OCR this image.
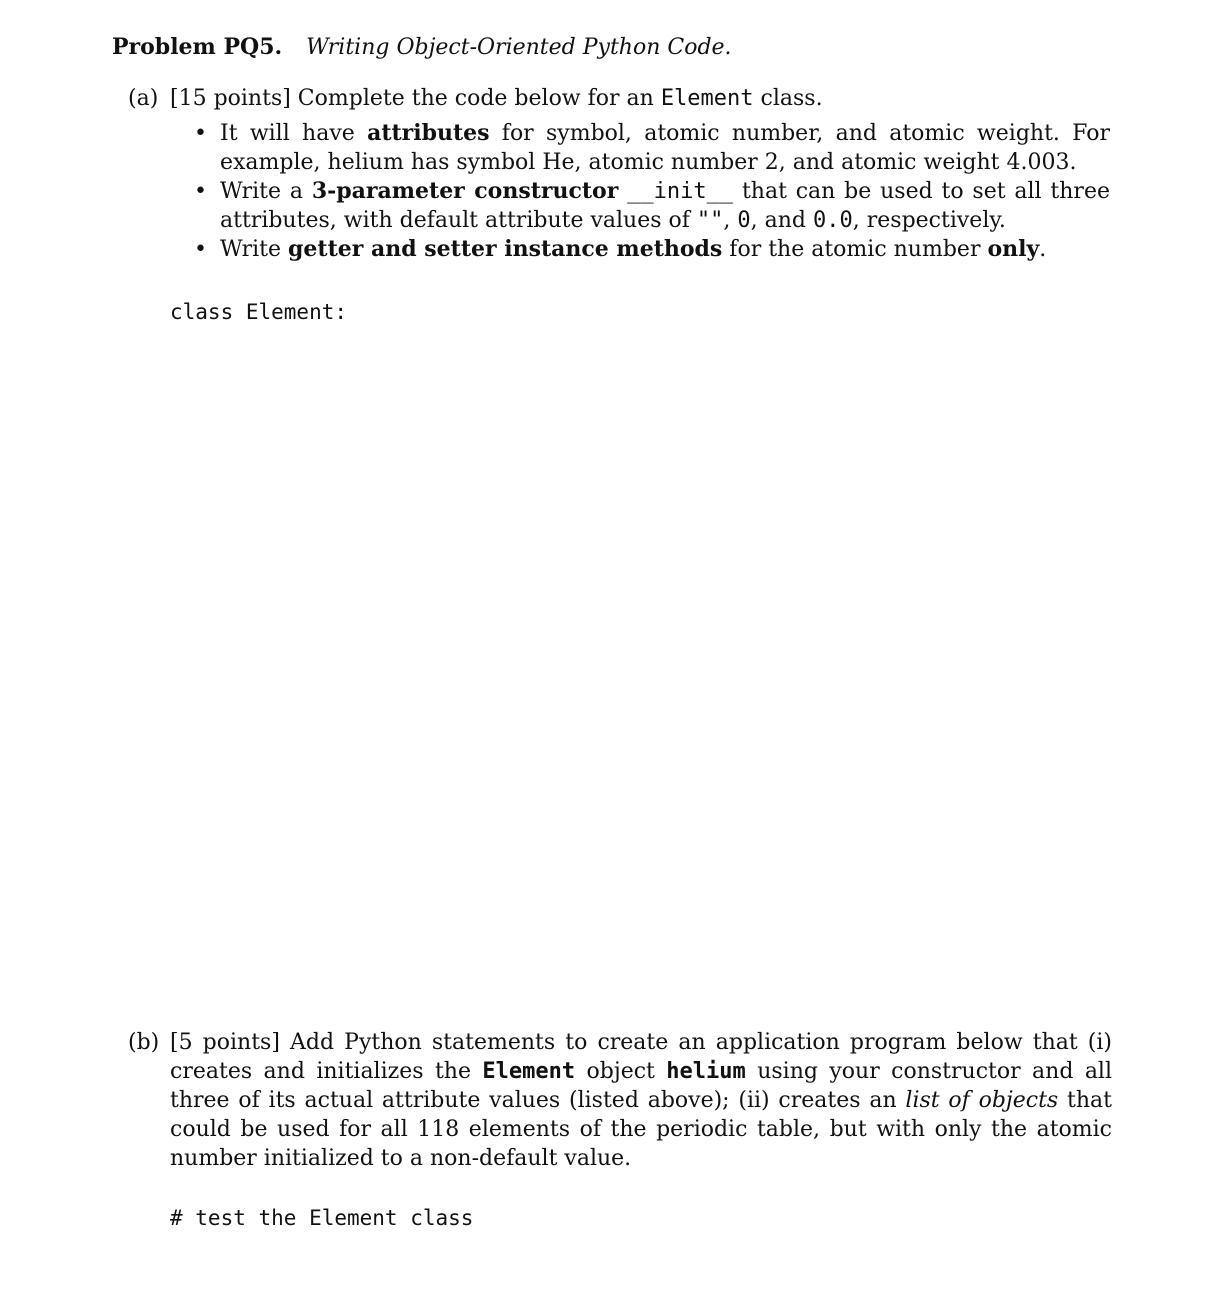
Problem PQ5. Writing Object-Oriented Python Code.
(a) [15 points] Complete the code below for an Element class.
• It will have attributes for symbol, atomic number, and atomic weight. For example, helium has symbol He, atomic number 2, and atomic weight 4.003.
• Write a 3-parameter constructor __init__ that can be used to set all three attributes, with default attribute values of "", 0, and 0.0, respectively.
• Write getter and setter instance methods for the atomic number only.
class Element:
(b) [5 points] Add Python statements to create an application program below that (i) creates and initializes the Element object helium using your constructor and all three of its actual attribute values (listed above); (ii) creates an list of objects that could be used for all 118 elements of the periodic table, but with only the atomic number initialized to a non-default value.
# test the Element class
